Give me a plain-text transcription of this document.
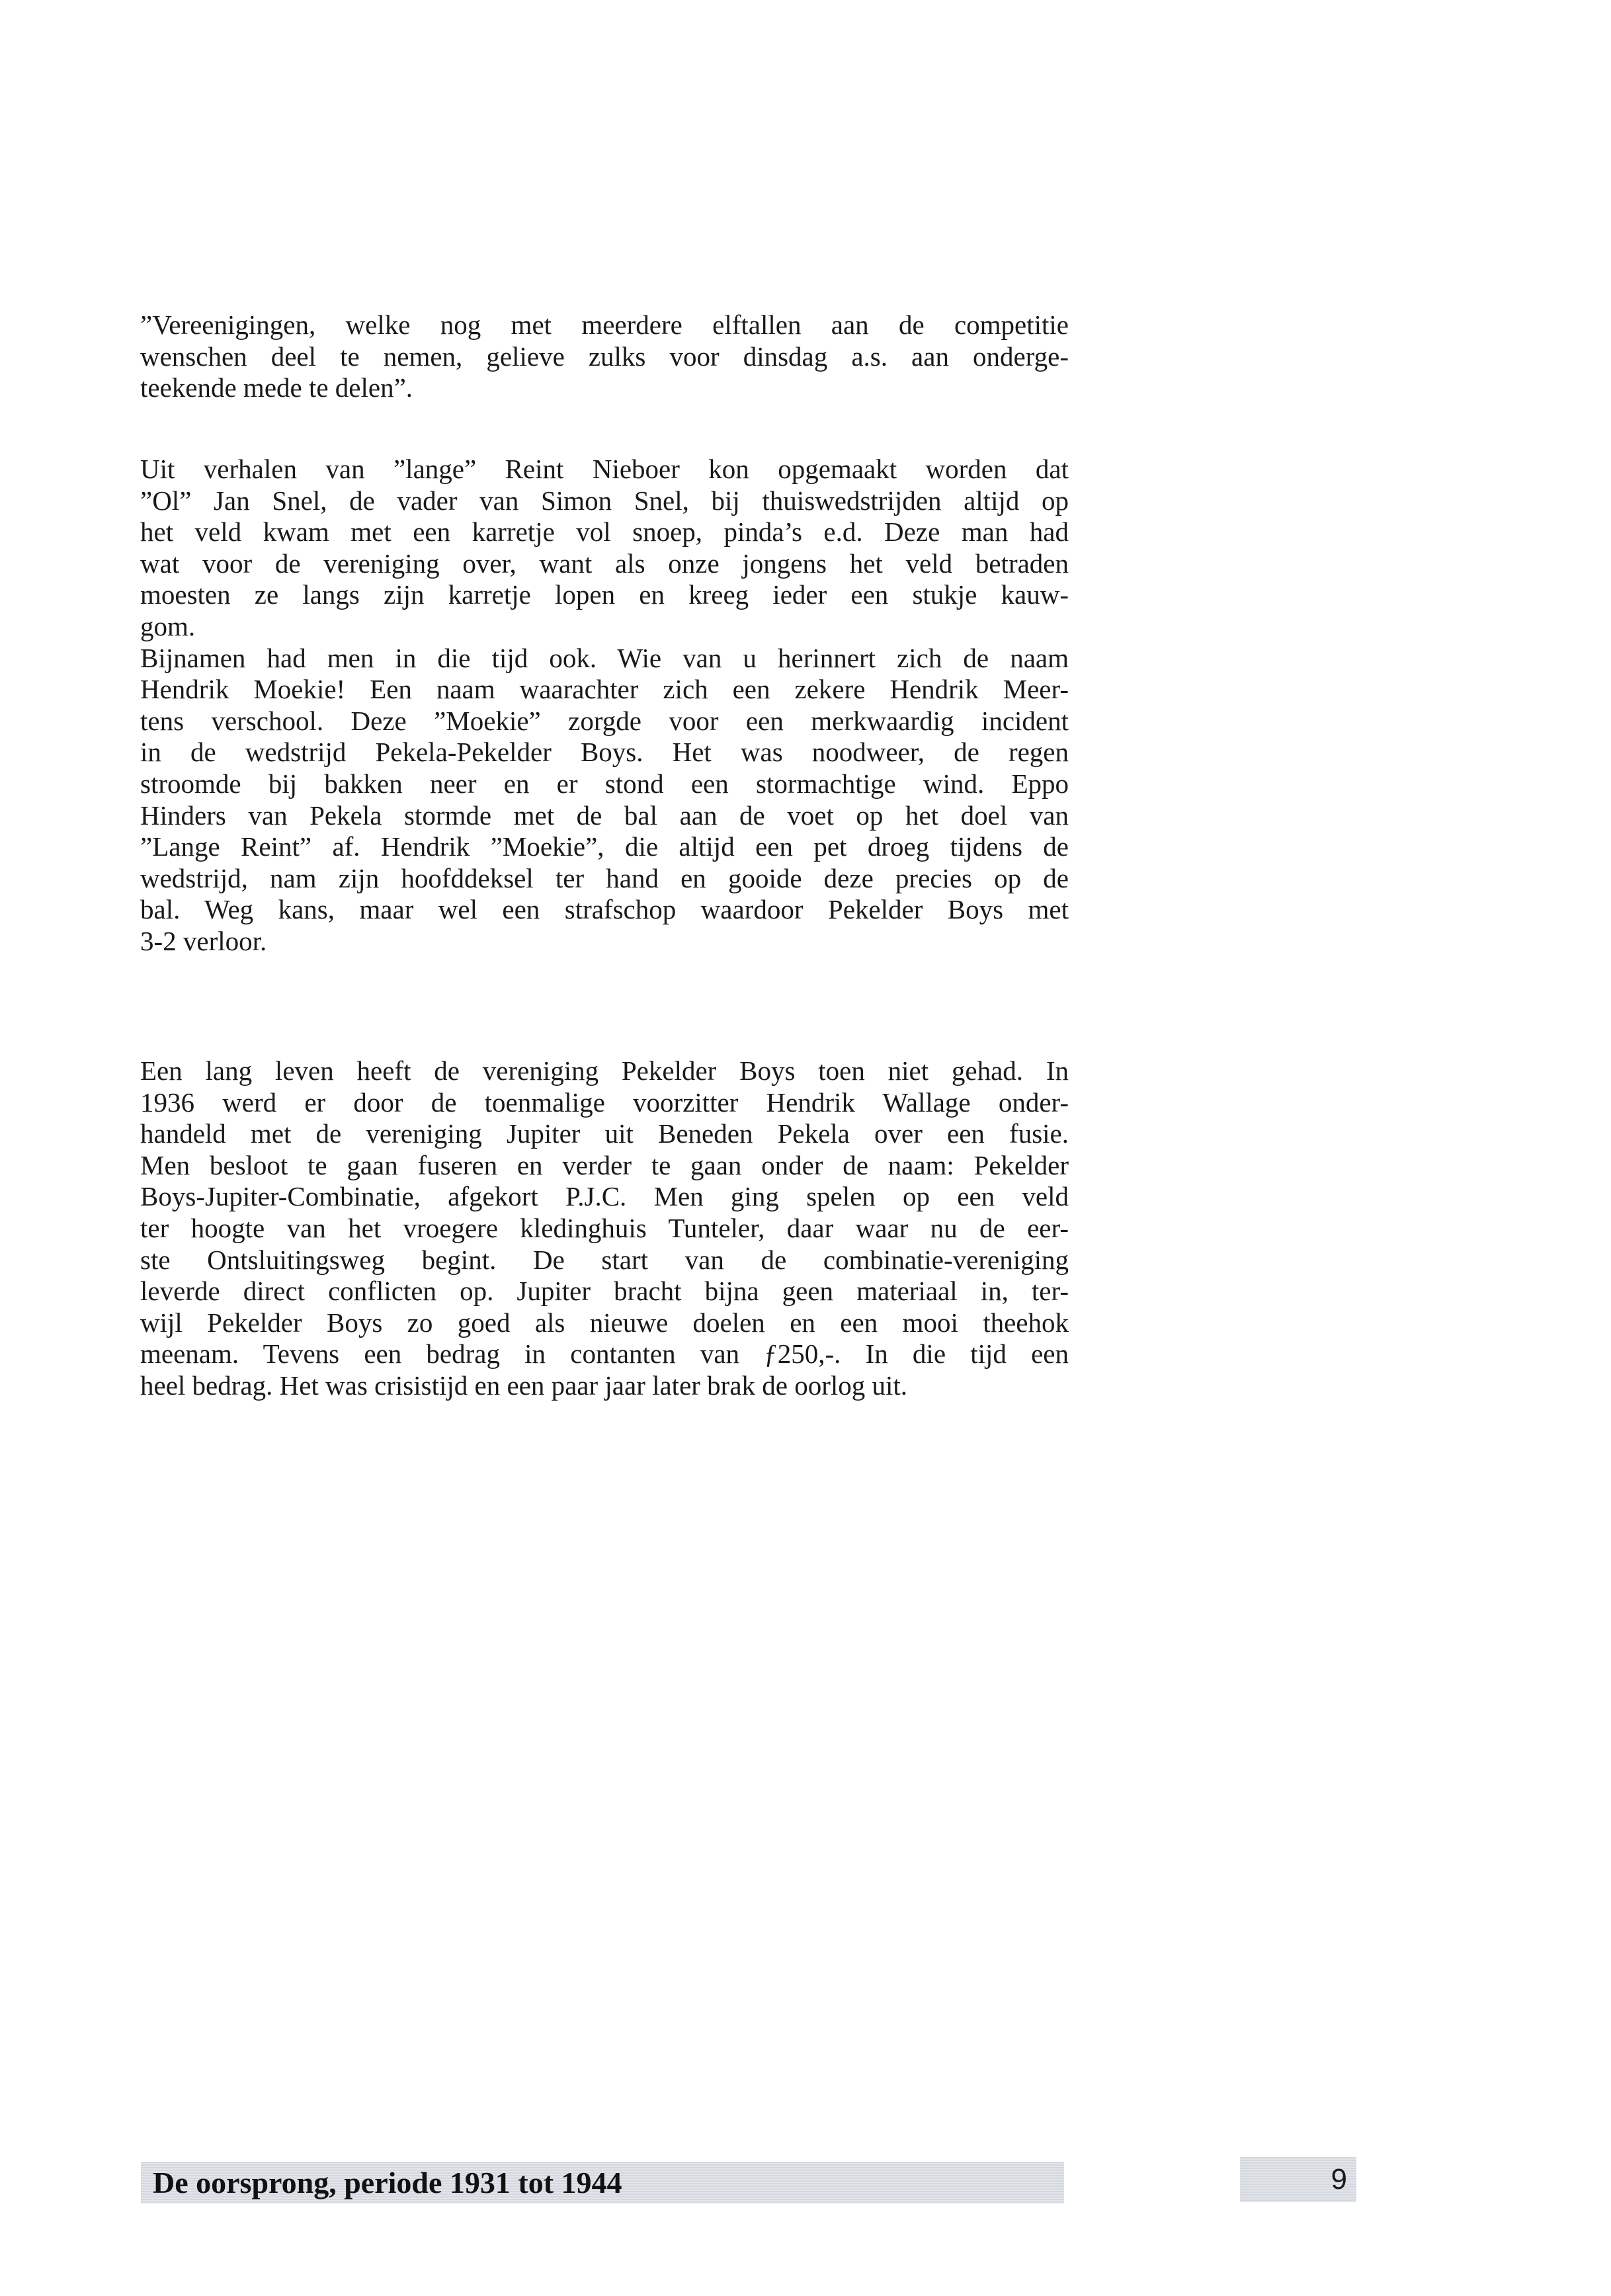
”Vereenigingen, welke nog met meerdere elftallen aan de competitie
wenschen deel te nemen, gelieve zulks voor dinsdag a.s. aan onderge-
teekende mede te delen”.
Uit verhalen van ”lange” Reint Nieboer kon opgemaakt worden dat
”Ol” Jan Snel, de vader van Simon Snel, bij thuiswedstrijden altijd op
het veld kwam met een karretje vol snoep, pinda’s e.d. Deze man had
wat voor de vereniging over, want als onze jongens het veld betraden
moesten ze langs zijn karretje lopen en kreeg ieder een stukje kauw-
gom.
Bijnamen had men in die tijd ook. Wie van u herinnert zich de naam
Hendrik Moekie! Een naam waarachter zich een zekere Hendrik Meer-
tens verschool. Deze ”Moekie” zorgde voor een merkwaardig incident
in de wedstrijd Pekela-Pekelder Boys. Het was noodweer, de regen
stroomde bij bakken neer en er stond een stormachtige wind. Eppo
Hinders van Pekela stormde met de bal aan de voet op het doel van
”Lange Reint” af. Hendrik ”Moekie”, die altijd een pet droeg tijdens de
wedstrijd, nam zijn hoofddeksel ter hand en gooide deze precies op de
bal. Weg kans, maar wel een strafschop waardoor Pekelder Boys met
3-2 verloor.
Een lang leven heeft de vereniging Pekelder Boys toen niet gehad. In
1936 werd er door de toenmalige voorzitter Hendrik Wallage onder-
handeld met de vereniging Jupiter uit Beneden Pekela over een fusie.
Men besloot te gaan fuseren en verder te gaan onder de naam: Pekelder
Boys-Jupiter-Combinatie, afgekort P.J.C. Men ging spelen op een veld
ter hoogte van het vroegere kledinghuis Tunteler, daar waar nu de eer-
ste Ontsluitingsweg begint. De start van de combinatie-vereniging
leverde direct conflicten op. Jupiter bracht bijna geen materiaal in, ter-
wijl Pekelder Boys zo goed als nieuwe doelen en een mooi theehok
meenam. Tevens een bedrag in contanten van ƒ250,-. In die tijd een
heel bedrag. Het was crisistijd en een paar jaar later brak de oorlog uit.
De oorsprong, periode 1931 tot 1944	9
